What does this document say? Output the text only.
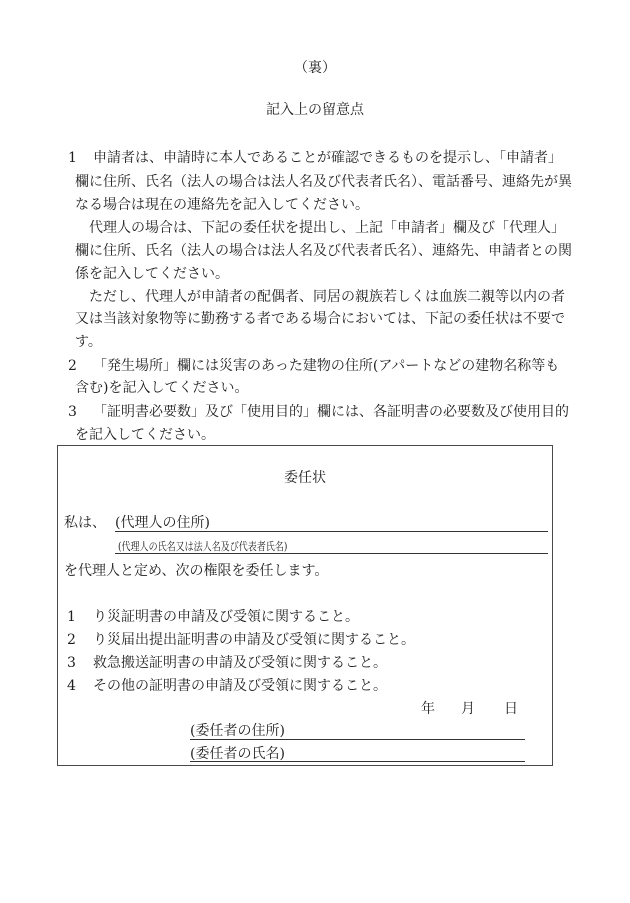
（裏）
記入上の留意点
1 申請者は、申請時に本人であることが確認できるものを提示し、「申請者」
欄に住所、氏名（法人の場合は法人名及び代表者氏名）、電話番号、連絡先が異
なる場合は現在の連絡先を記入してください。
代理人の場合は、下記の委任状を提出し、上記「申請者」欄及び「代理人」
欄に住所、氏名（法人の場合は法人名及び代表者氏名）、連絡先、申請者との関
係を記入してください。
ただし、代理人が申請者の配偶者、同居の親族若しくは血族二親等以内の者
又は当該対象物等に勤務する者である場合においては、下記の委任状は不要で
す。
2 「発生場所」欄には災害のあった建物の住所(アパートなどの建物名称等も
含む)を記入してください。
3 「証明書必要数」及び「使用目的」欄には、各証明書の必要数及び使用目的
を記入してください。
委任状
私は、 (代理人の住所)
(代理人の氏名又は法人名及び代表者氏名)
を代理人と定め、次の権限を委任します。
1 り災証明書の申請及び受領に関すること。
2 り災届出提出証明書の申請及び受領に関すること。
3 救急搬送証明書の申請及び受領に関すること。
4 その他の証明書の申請及び受領に関すること。
年 月 日
(委任者の住所)
(委任者の氏名)
